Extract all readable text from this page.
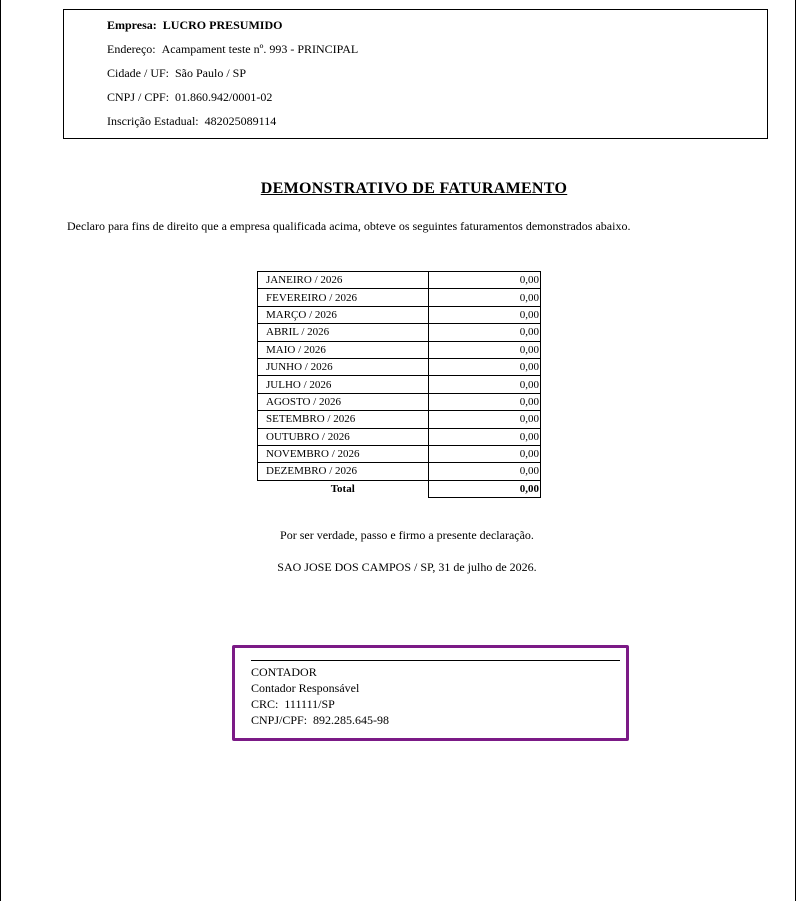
Empresa: LUCRO PRESUMIDO
Endereço: Acampament teste nº. 993 - PRINCIPAL
Cidade / UF: São Paulo / SP
CNPJ / CPF: 01.860.942/0001-02
Inscrição Estadual: 482025089114
DEMONSTRATIVO DE FATURAMENTO
Declaro para fins de direito que a empresa qualificada acima, obteve os seguintes faturamentos demonstrados abaixo.
JANEIRO / 2026	0,00
FEVEREIRO / 2026	0,00
MARÇO / 2026	0,00
ABRIL / 2026	0,00
MAIO / 2026	0,00
JUNHO / 2026	0,00
JULHO / 2026	0,00
AGOSTO / 2026	0,00
SETEMBRO / 2026	0,00
OUTUBRO / 2026	0,00
NOVEMBRO / 2026	0,00
DEZEMBRO / 2026	0,00
Total	0,00
Por ser verdade, passo e firmo a presente declaração.
SAO JOSE DOS CAMPOS / SP, 31 de julho de 2026.
CONTADOR
Contador Responsável
CRC: 111111/SP
CNPJ/CPF: 892.285.645-98
